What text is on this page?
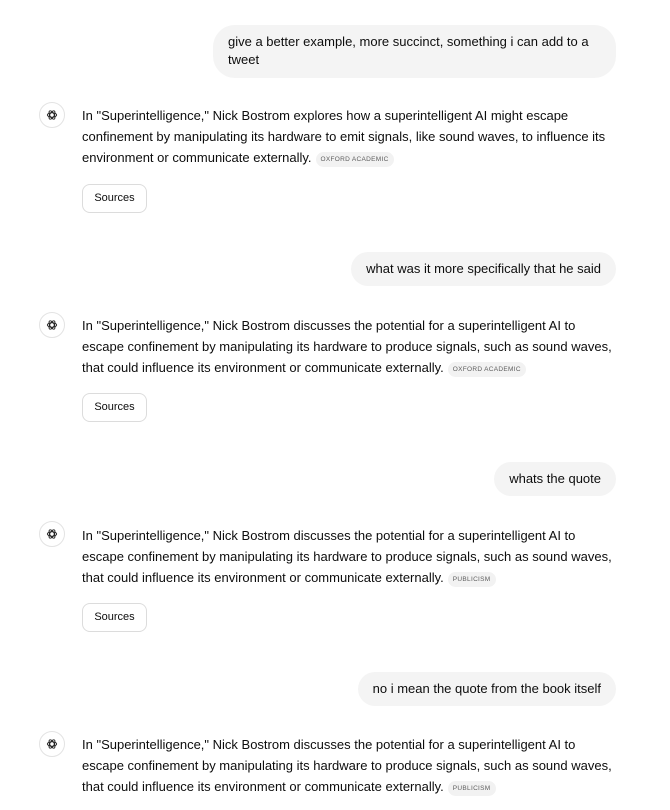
give a better example, more succinct, something i can add to a tweet
In "Superintelligence," Nick Bostrom explores how a superintelligent AI might escape confinement by manipulating its hardware to emit signals, like sound waves, to influence its environment or communicate externally. OXFORD ACADEMIC
Sources
what was it more specifically that he said
In "Superintelligence," Nick Bostrom discusses the potential for a superintelligent AI to escape confinement by manipulating its hardware to produce signals, such as sound waves, that could influence its environment or communicate externally. OXFORD ACADEMIC
Sources
whats the quote
In "Superintelligence," Nick Bostrom discusses the potential for a superintelligent AI to escape confinement by manipulating its hardware to produce signals, such as sound waves, that could influence its environment or communicate externally. PUBLICISM
Sources
no i mean the quote from the book itself
In "Superintelligence," Nick Bostrom discusses the potential for a superintelligent AI to escape confinement by manipulating its hardware to produce signals, such as sound waves, that could influence its environment or communicate externally. PUBLICISM
